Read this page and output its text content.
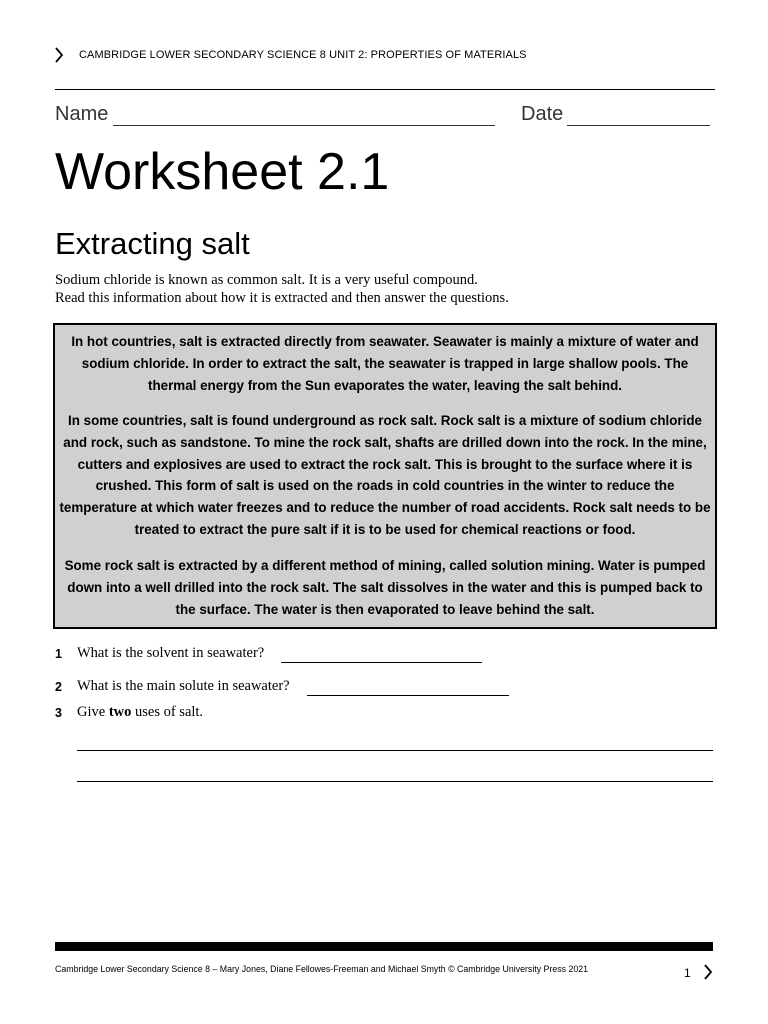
CAMBRIDGE LOWER SECONDARY SCIENCE 8 UNIT 2: PROPERTIES OF MATERIALS
Name	Date
Worksheet 2.1
Extracting salt
Sodium chloride is known as common salt. It is a very useful compound.
Read this information about how it is extracted and then answer the questions.

In hot countries, salt is extracted directly from seawater. Seawater is mainly a mixture of water and sodium chloride. In order to extract the salt, the seawater is trapped in large shallow pools. The thermal energy from the Sun evaporates the water, leaving the salt behind.

In some countries, salt is found underground as rock salt. Rock salt is a mixture of sodium chloride and rock, such as sandstone. To mine the rock salt, shafts are drilled down into the rock. In the mine, cutters and explosives are used to extract the rock salt. This is brought to the surface where it is crushed. This form of salt is used on the roads in cold countries in the winter to reduce the temperature at which water freezes and to reduce the number of road accidents. Rock salt needs to be treated to extract the pure salt if it is to be used for chemical reactions or food.

Some rock salt is extracted by a different method of mining, called solution mining. Water is pumped down into a well drilled into the rock salt. The salt dissolves in the water and this is pumped back to the surface. The water is then evaporated to leave behind the salt.

1 What is the solvent in seawater?
2 What is the main solute in seawater?
3 Give two uses of salt.
Cambridge Lower Secondary Science 8 – Mary Jones, Diane Fellowes-Freeman and Michael Smyth © Cambridge University Press 2021	1
